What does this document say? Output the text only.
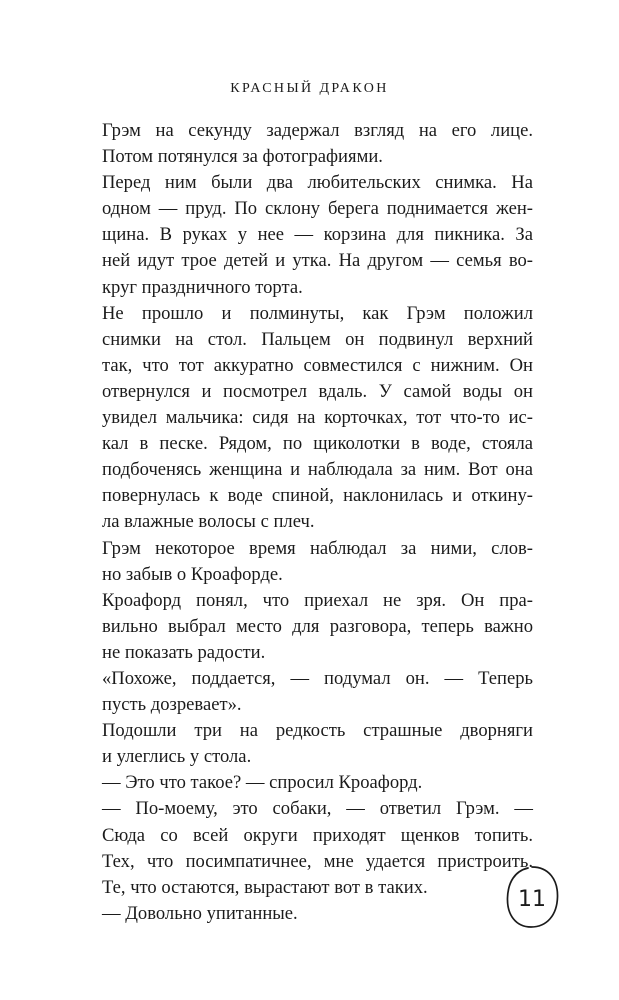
КРАСНЫЙ ДРАКОН

Грэм на секунду задержал взгляд на его лице.
Потом потянулся за фотографиями.

Перед ним были два любительских снимка. На
одном — пруд. По склону берега поднимается жен-
щина. В руках у нее — корзина для пикника. За
ней идут трое детей и утка. На другом — семья во-
круг праздничного торта.

Не прошло и полминуты, как Грэм положил
снимки на стол. Пальцем он подвинул верхний
так, что тот аккуратно совместился с нижним. Он
отвернулся и посмотрел вдаль. У самой воды он
увидел мальчика: сидя на корточках, тот что-то ис-
кал в песке. Рядом, по щиколотки в воде, стояла
подбоченясь женщина и наблюдала за ним. Вот она
повернулась к воде спиной, наклонилась и откину-
ла влажные волосы с плеч.

Грэм некоторое время наблюдал за ними, слов-
но забыв о Кроафорде.

Кроафорд понял, что приехал не зря. Он пра-
вильно выбрал место для разговора, теперь важно
не показать радости.

«Похоже, поддается, — подумал он. — Теперь
пусть дозревает».

Подошли три на редкость страшные дворняги
и улеглись у стола.

— Это что такое? — спросил Кроафорд.

— По-моему, это собаки, — ответил Грэм. —
Сюда со всей округи приходят щенков топить.
Тех, что посимпатичнее, мне удается пристроить.
Те, что остаются, вырастают вот в таких.

— Довольно упитанные.

11
